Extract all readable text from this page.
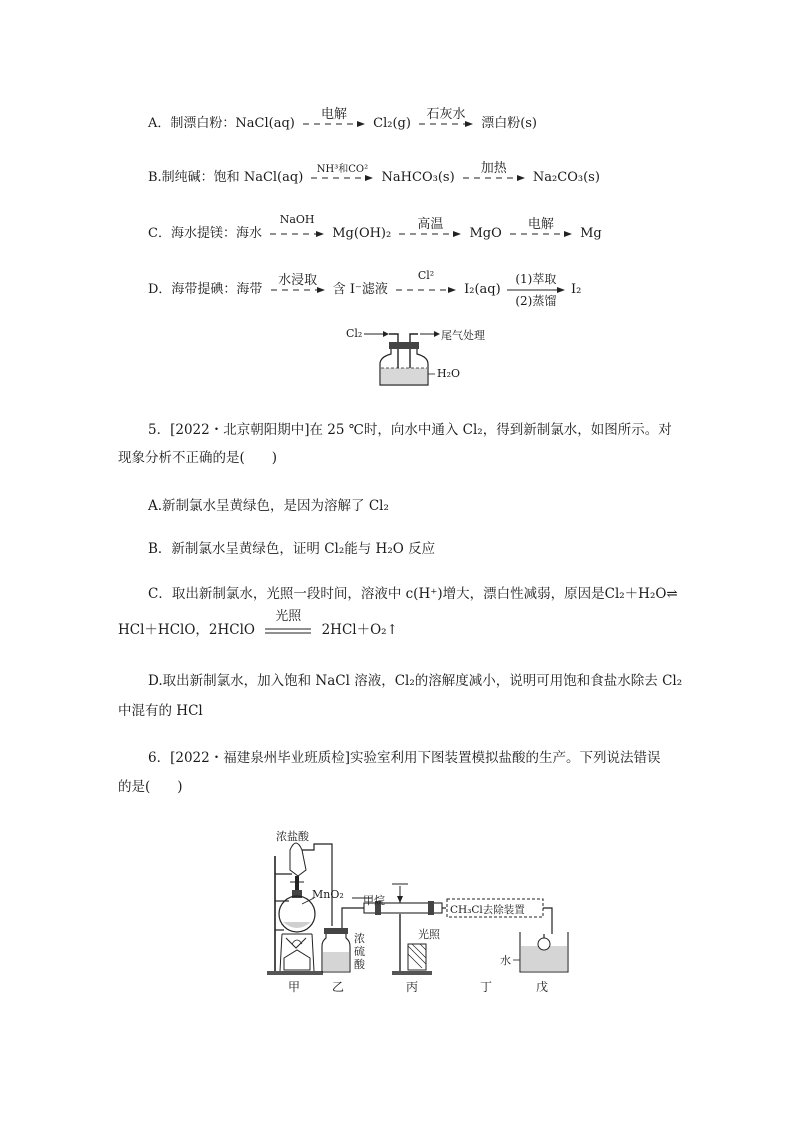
A．制漂白粉：NaCl(aq)
电解
Cl₂(g)
石灰水
漂白粉(s)
B.制纯碱：饱和 NaCl(aq)
NH³和CO²
NaHCO₃(s)
加热
Na₂CO₃(s)
C．海水提镁：海水
NaOH
Mg(OH)₂
高温
MgO
电解
Mg
D．海带提碘：海带
水浸取
含 I⁻滤液
Cl²
I₂(aq)
(1)萃取
(2)蒸馏
I₂
Cl₂	尾气处理
H₂O
5．[2022・北京朝阳期中]在 25 ℃时，向水中通入 Cl₂，得到新制氯水，如图所示。对
现象分析不正确的是(　　)
A.新制氯水呈黄绿色，是因为溶解了 Cl₂
B．新制氯水呈黄绿色，证明 Cl₂能与 H₂O 反应
C．取出新制氯水，光照一段时间，溶液中 c(H⁺)增大，漂白性减弱，原因是Cl₂＋H₂O⇌
HCl＋HClO，2HClO
光照
2HCl＋O₂↑
D.取出新制氯水，加入饱和 NaCl 溶液，Cl₂的溶解度减小，说明可用饱和食盐水除去 Cl₂
中混有的 HCl
6．[2022・福建泉州毕业班质检]实验室利用下图装置模拟盐酸的生产。下列说法错误
的是(　　)
浓盐酸
MnO₂ 甲烷
CH₃Cl去除装置
光照
浓
硫
酸	水
甲	乙	丙	丁	戊
